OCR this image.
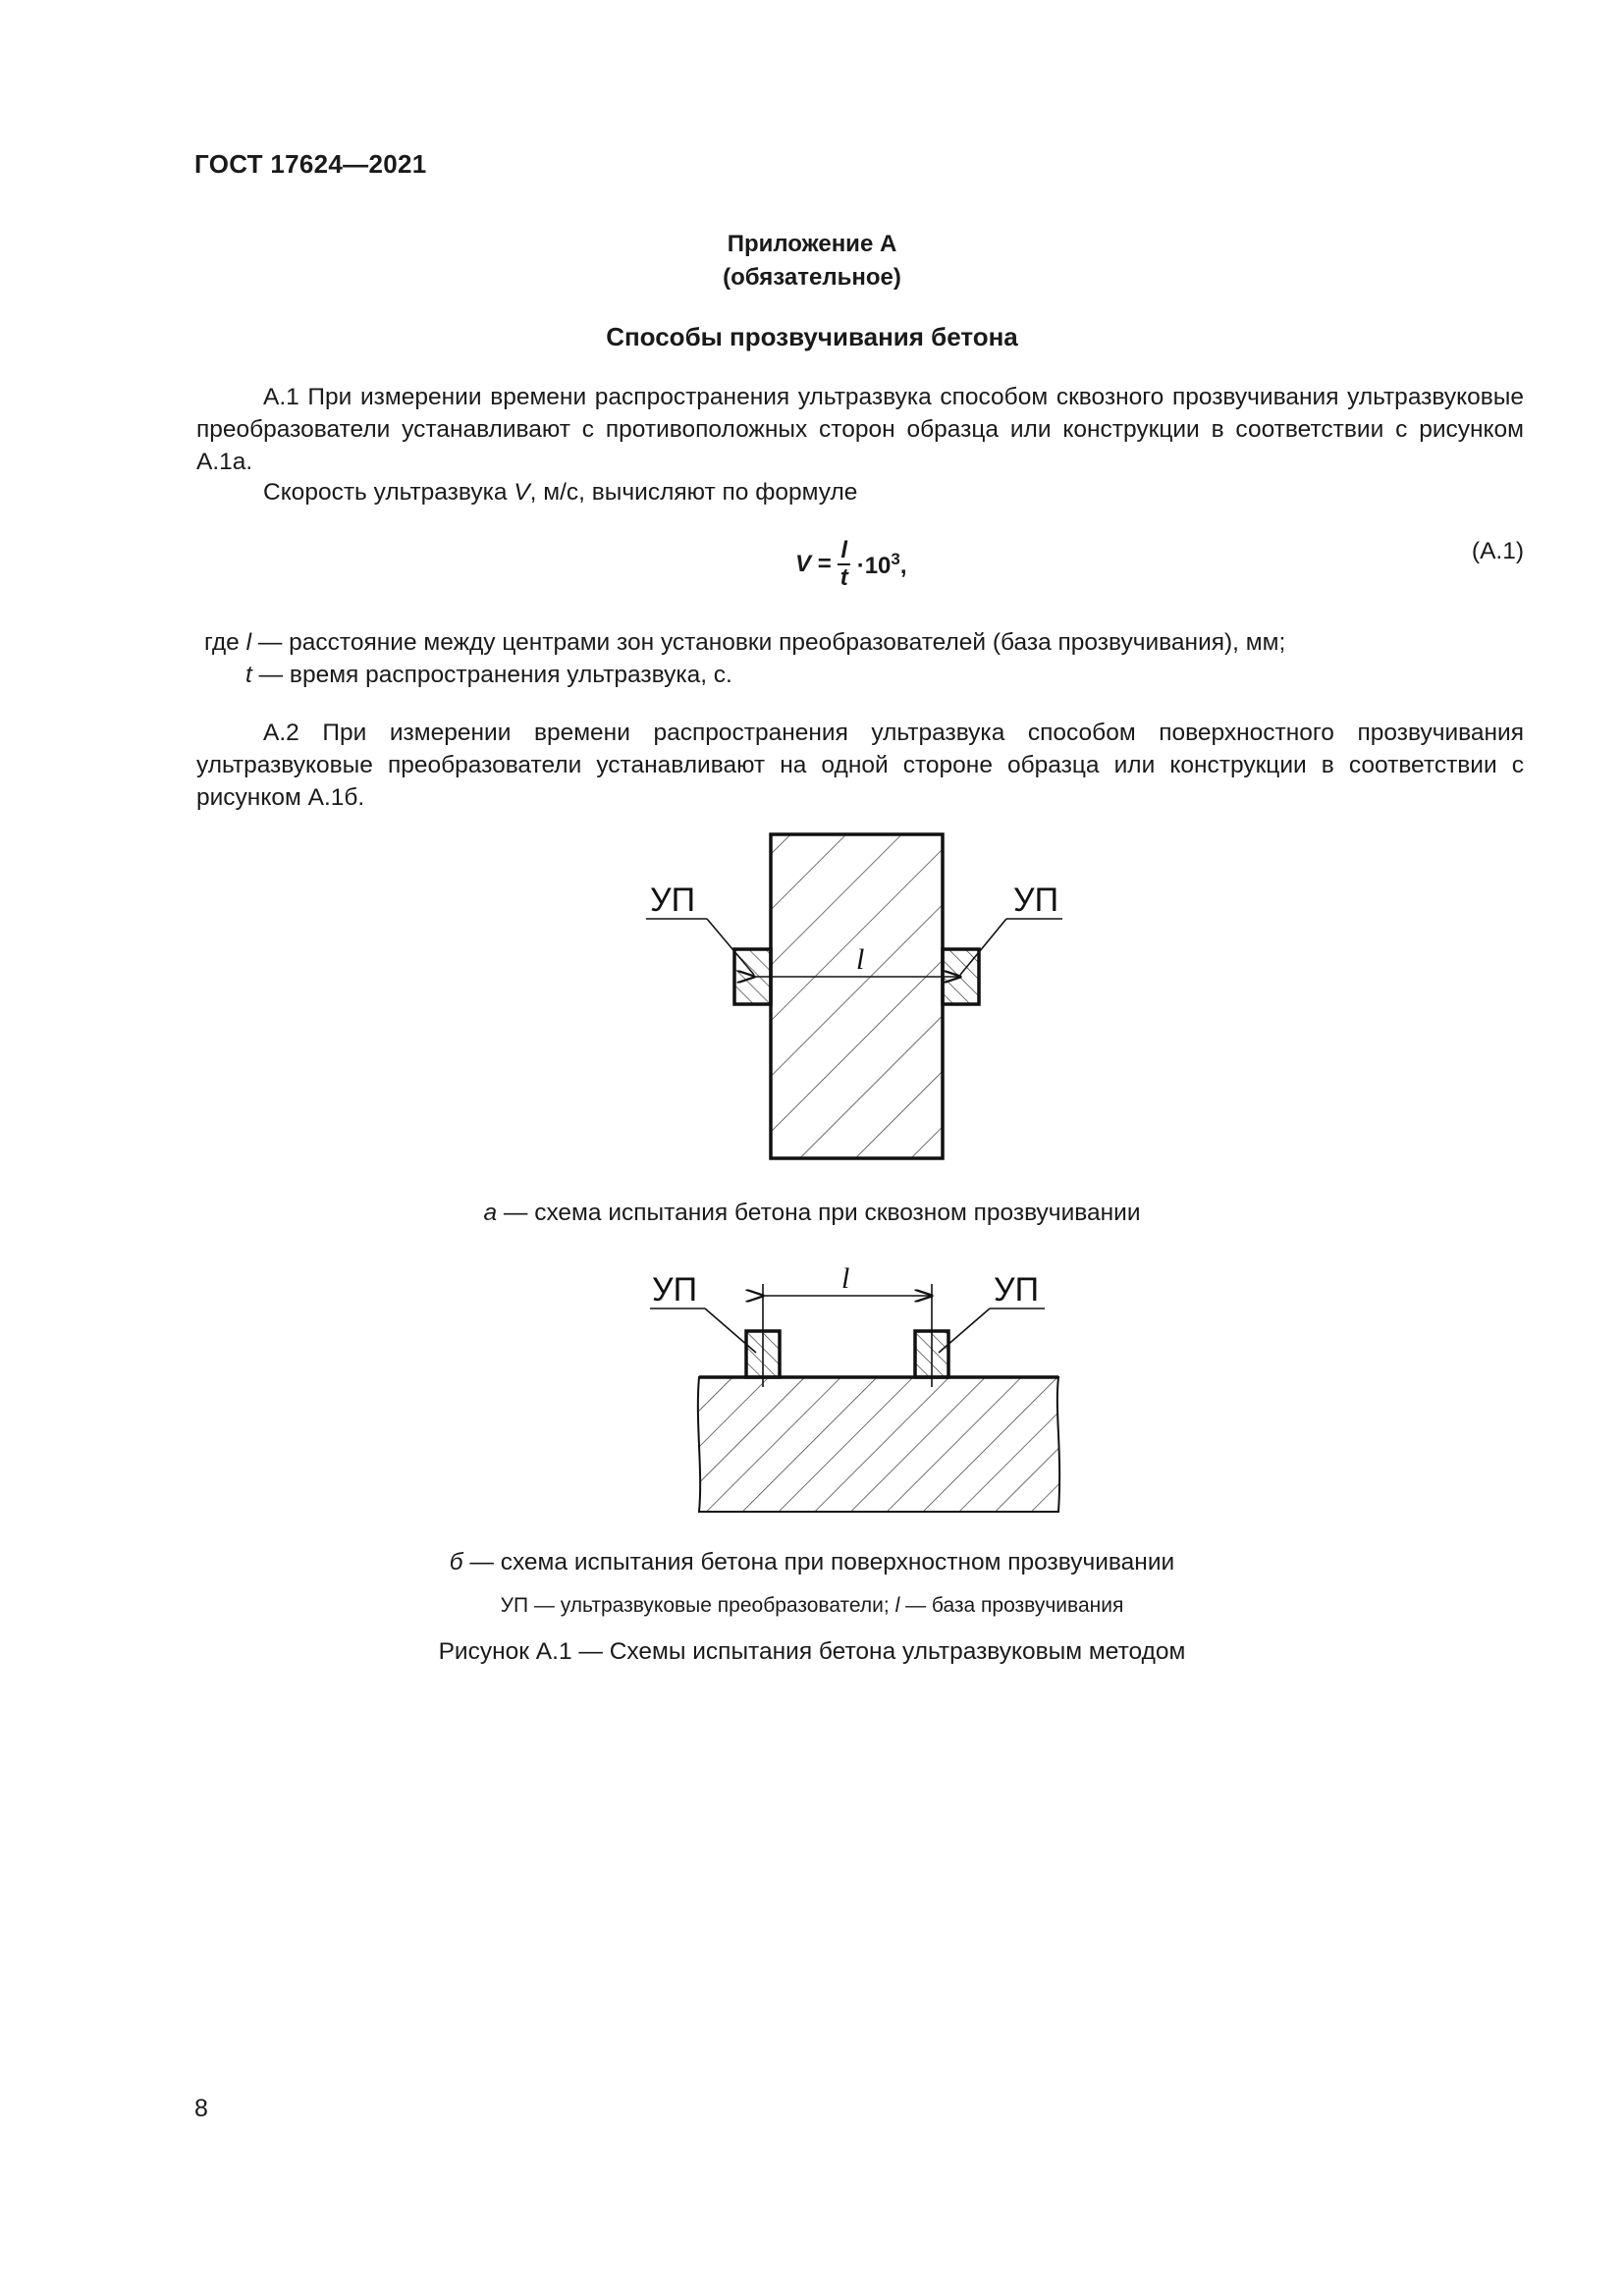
ГОСТ 17624—2021
Приложение А
(обязательное)
Способы прозвучивания бетона
А.1 При измерении времени распространения ультразвука способом сквозного прозвучивания ультразвуковые преобразователи устанавливают с противоположных сторон образца или конструкции в соответствии с рисунком А.1а.
Скорость ультразвука V, м/с, вычисляют по формуле
$V = \frac{l}{t} \cdot 10^3$,
(А.1)
где l — расстояние между центрами зон установки преобразователей (база прозвучивания), мм;
t — время распространения ультразвука, с.
А.2 При измерении времени распространения ультразвука способом поверхностного прозвучивания ультразвуковые преобразователи устанавливают на одной стороне образца или конструкции в соответствии с рисунком А.1б.
УП	УП
l
а — схема испытания бетона при сквозном прозвучивании
УП	УП
l
б — схема испытания бетона при поверхностном прозвучивании
УП — ультразвуковые преобразователи; l — база прозвучивания
Рисунок А.1 — Схемы испытания бетона ультразвуковым методом
8
